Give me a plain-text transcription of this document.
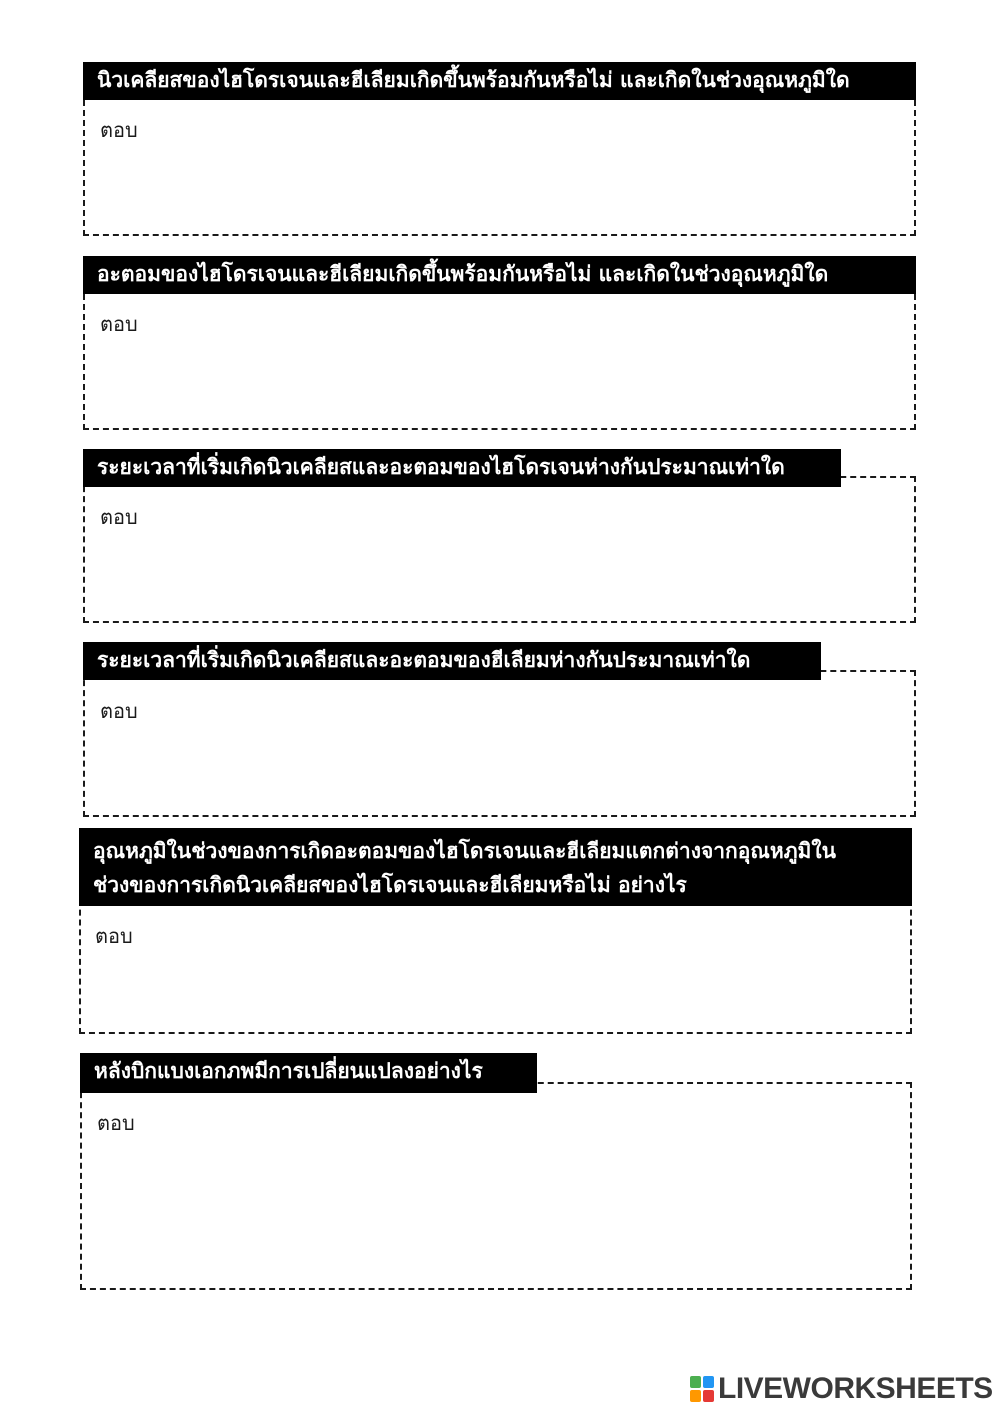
นิวเคลียสของไฮโดรเจนและฮีเลียมเกิดขึ้นพร้อมกันหรือไม่ และเกิดในช่วงอุณหภูมิใด
ตอบ
อะตอมของไฮโดรเจนและฮีเลียมเกิดขึ้นพร้อมกันหรือไม่ และเกิดในช่วงอุณหภูมิใด
ตอบ
ระยะเวลาที่เริ่มเกิดนิวเคลียสและอะตอมของไฮโดรเจนห่างกันประมาณเท่าใด
ตอบ
ระยะเวลาที่เริ่มเกิดนิวเคลียสและอะตอมของฮีเลียมห่างกันประมาณเท่าใด
ตอบ
อุณหภูมิในช่วงของการเกิดอะตอมของไฮโดรเจนและฮีเลียมแตกต่างจากอุณหภูมิใน
ช่วงของการเกิดนิวเคลียสของไฮโดรเจนและฮีเลียมหรือไม่ อย่างไร
ตอบ
หลังบิกแบงเอกภพมีการเปลี่ยนแปลงอย่างไร
ตอบ
LIVEWORKSHEETS
